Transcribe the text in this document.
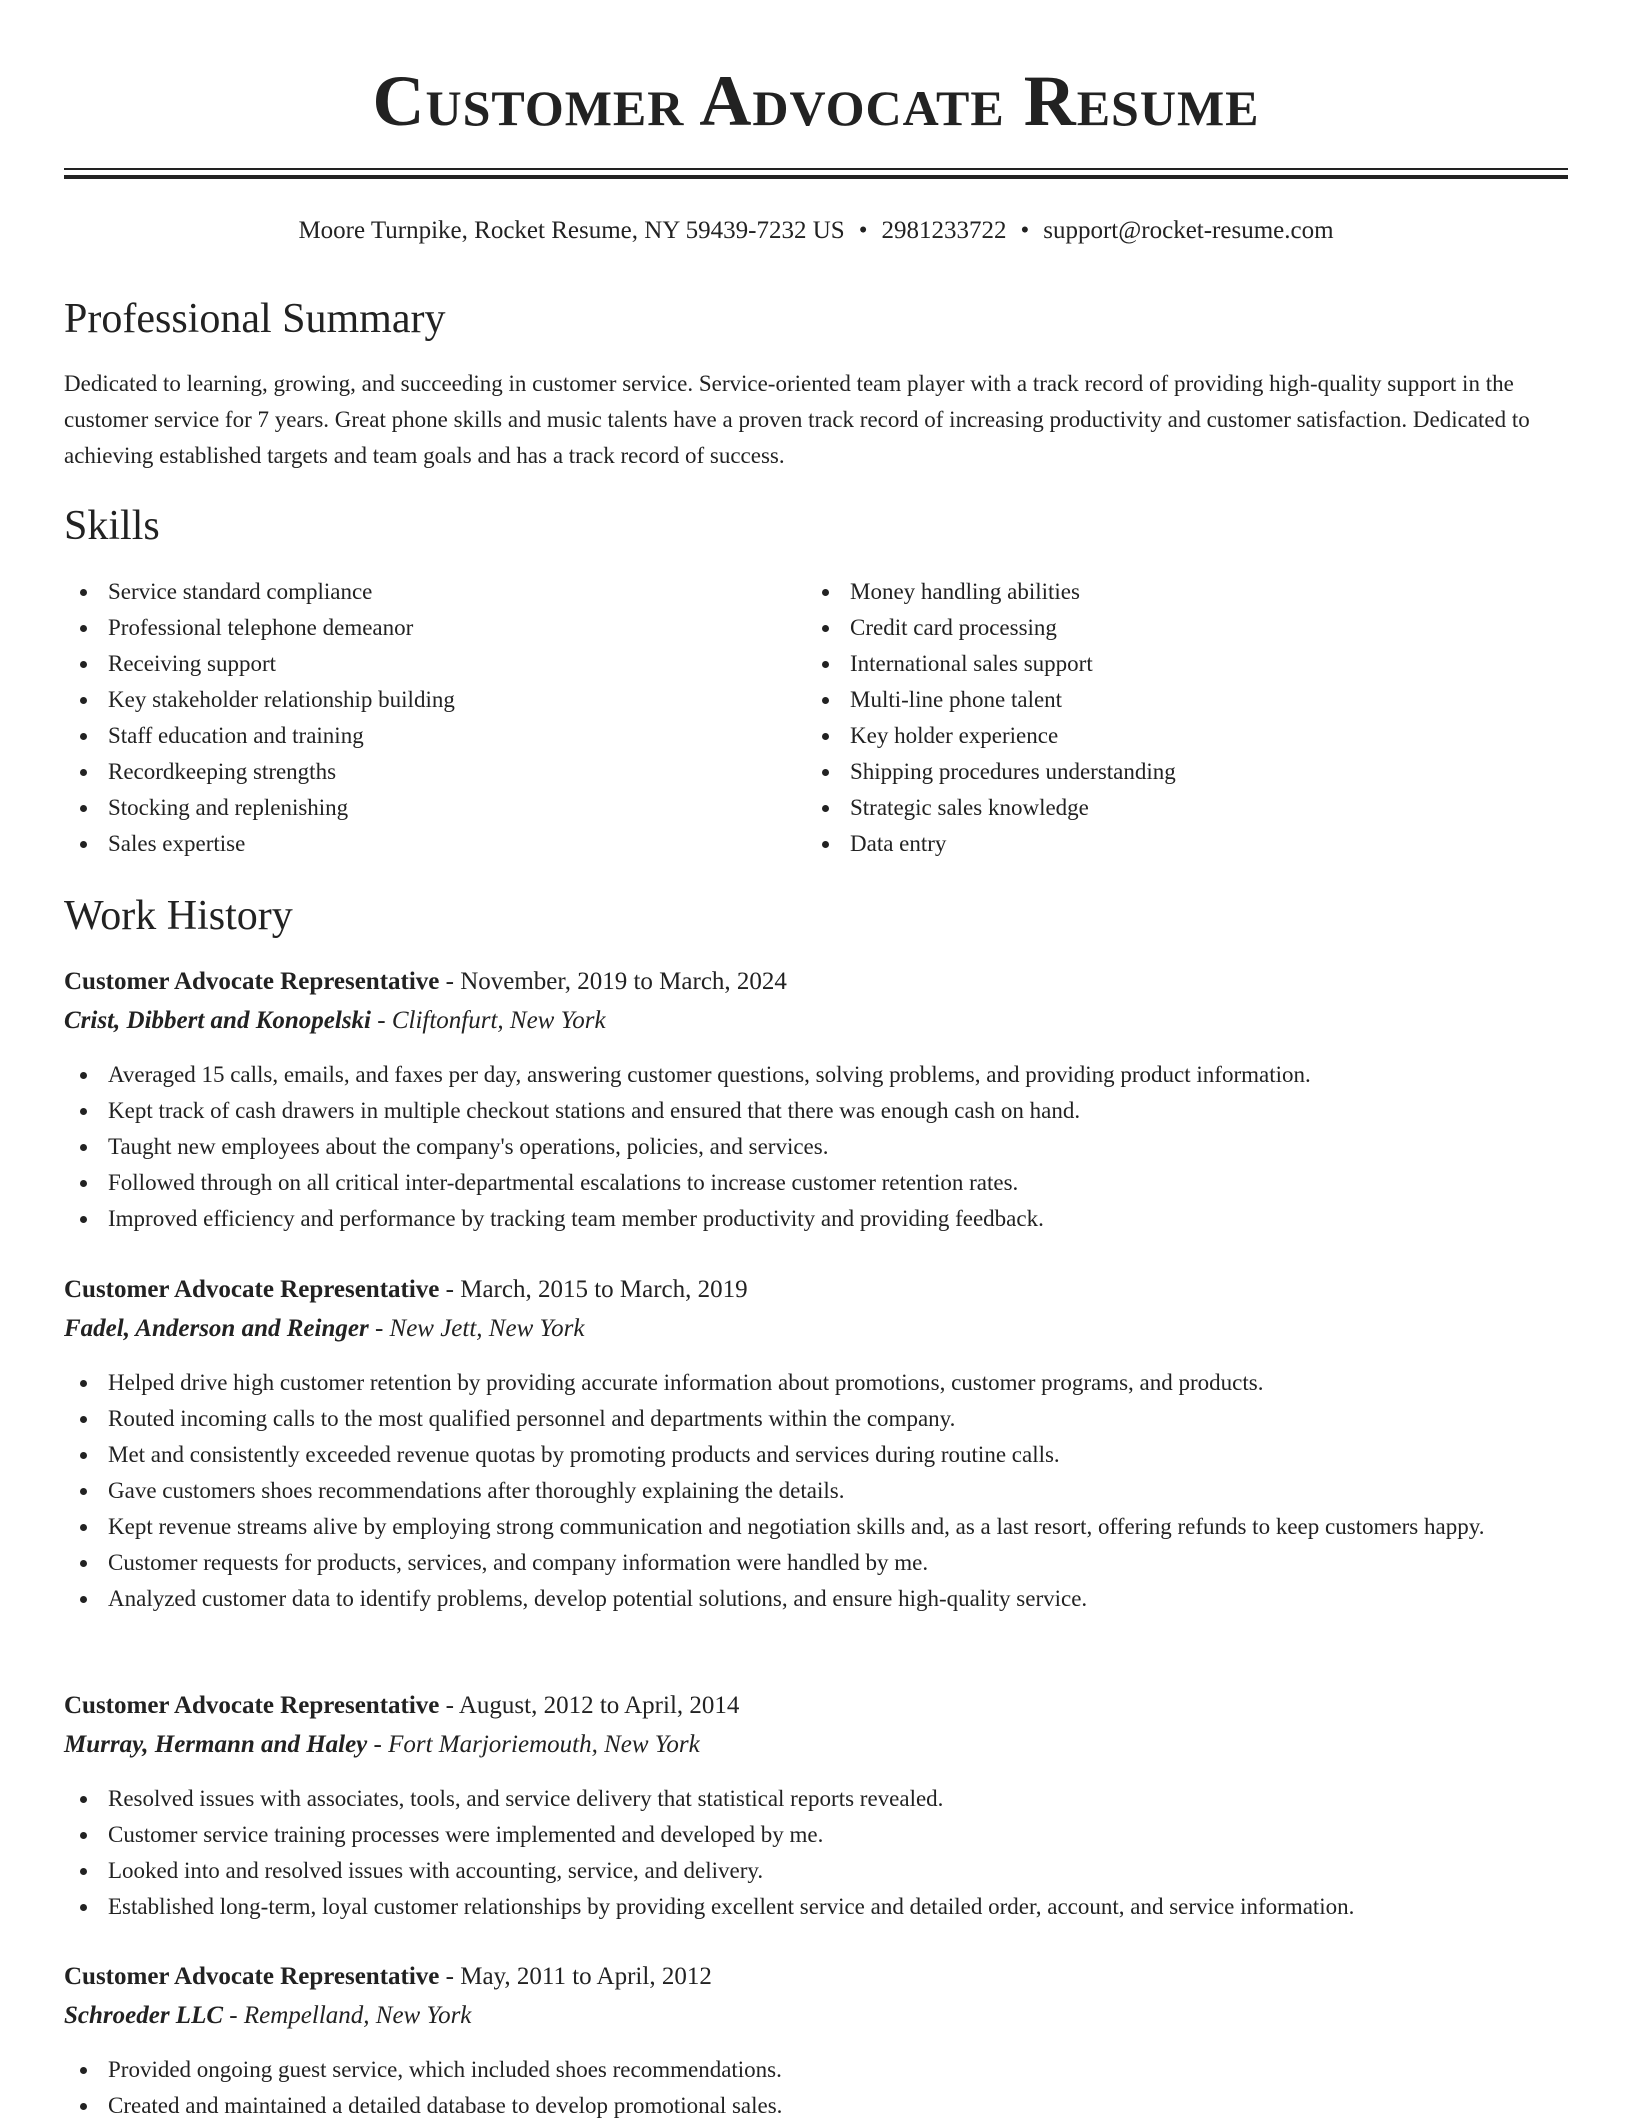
Customer Advocate Resume
Moore Turnpike, Rocket Resume, NY 59439-7232 US • 2981233722 • support@rocket-resume.com
Professional Summary

Dedicated to learning, growing, and succeeding in customer service. Service-oriented team player with a track record of providing high-quality support in the customer service for 7 years. Great phone skills and music talents have a proven track record of increasing productivity and customer satisfaction. Dedicated to achieving established targets and team goals and has a track record of success.

Skills
Service standard compliance
Professional telephone demeanor
Receiving support
Key stakeholder relationship building
Staff education and training
Recordkeeping strengths
Stocking and replenishing
Sales expertise
Money handling abilities
Credit card processing
International sales support
Multi-line phone talent
Key holder experience
Shipping procedures understanding
Strategic sales knowledge
Data entry
Work History
Customer Advocate Representative - November, 2019 to March, 2024
Crist, Dibbert and Konopelski - Cliftonfurt, New York
Averaged 15 calls, emails, and faxes per day, answering customer questions, solving problems, and providing product information.
Kept track of cash drawers in multiple checkout stations and ensured that there was enough cash on hand.
Taught new employees about the company's operations, policies, and services.
Followed through on all critical inter-departmental escalations to increase customer retention rates.
Improved efficiency and performance by tracking team member productivity and providing feedback.
Customer Advocate Representative - March, 2015 to March, 2019
Fadel, Anderson and Reinger - New Jett, New York
Helped drive high customer retention by providing accurate information about promotions, customer programs, and products.
Routed incoming calls to the most qualified personnel and departments within the company.
Met and consistently exceeded revenue quotas by promoting products and services during routine calls.
Gave customers shoes recommendations after thoroughly explaining the details.
Kept revenue streams alive by employing strong communication and negotiation skills and, as a last resort, offering refunds to keep customers happy.
Customer requests for products, services, and company information were handled by me.
Analyzed customer data to identify problems, develop potential solutions, and ensure high-quality service.
Customer Advocate Representative - August, 2012 to April, 2014
Murray, Hermann and Haley - Fort Marjoriemouth, New York
Resolved issues with associates, tools, and service delivery that statistical reports revealed.
Customer service training processes were implemented and developed by me.
Looked into and resolved issues with accounting, service, and delivery.
Established long-term, loyal customer relationships by providing excellent service and detailed order, account, and service information.
Customer Advocate Representative - May, 2011 to April, 2012
Schroeder LLC - Rempelland, New York
Provided ongoing guest service, which included shoes recommendations.
Created and maintained a detailed database to develop promotional sales.
